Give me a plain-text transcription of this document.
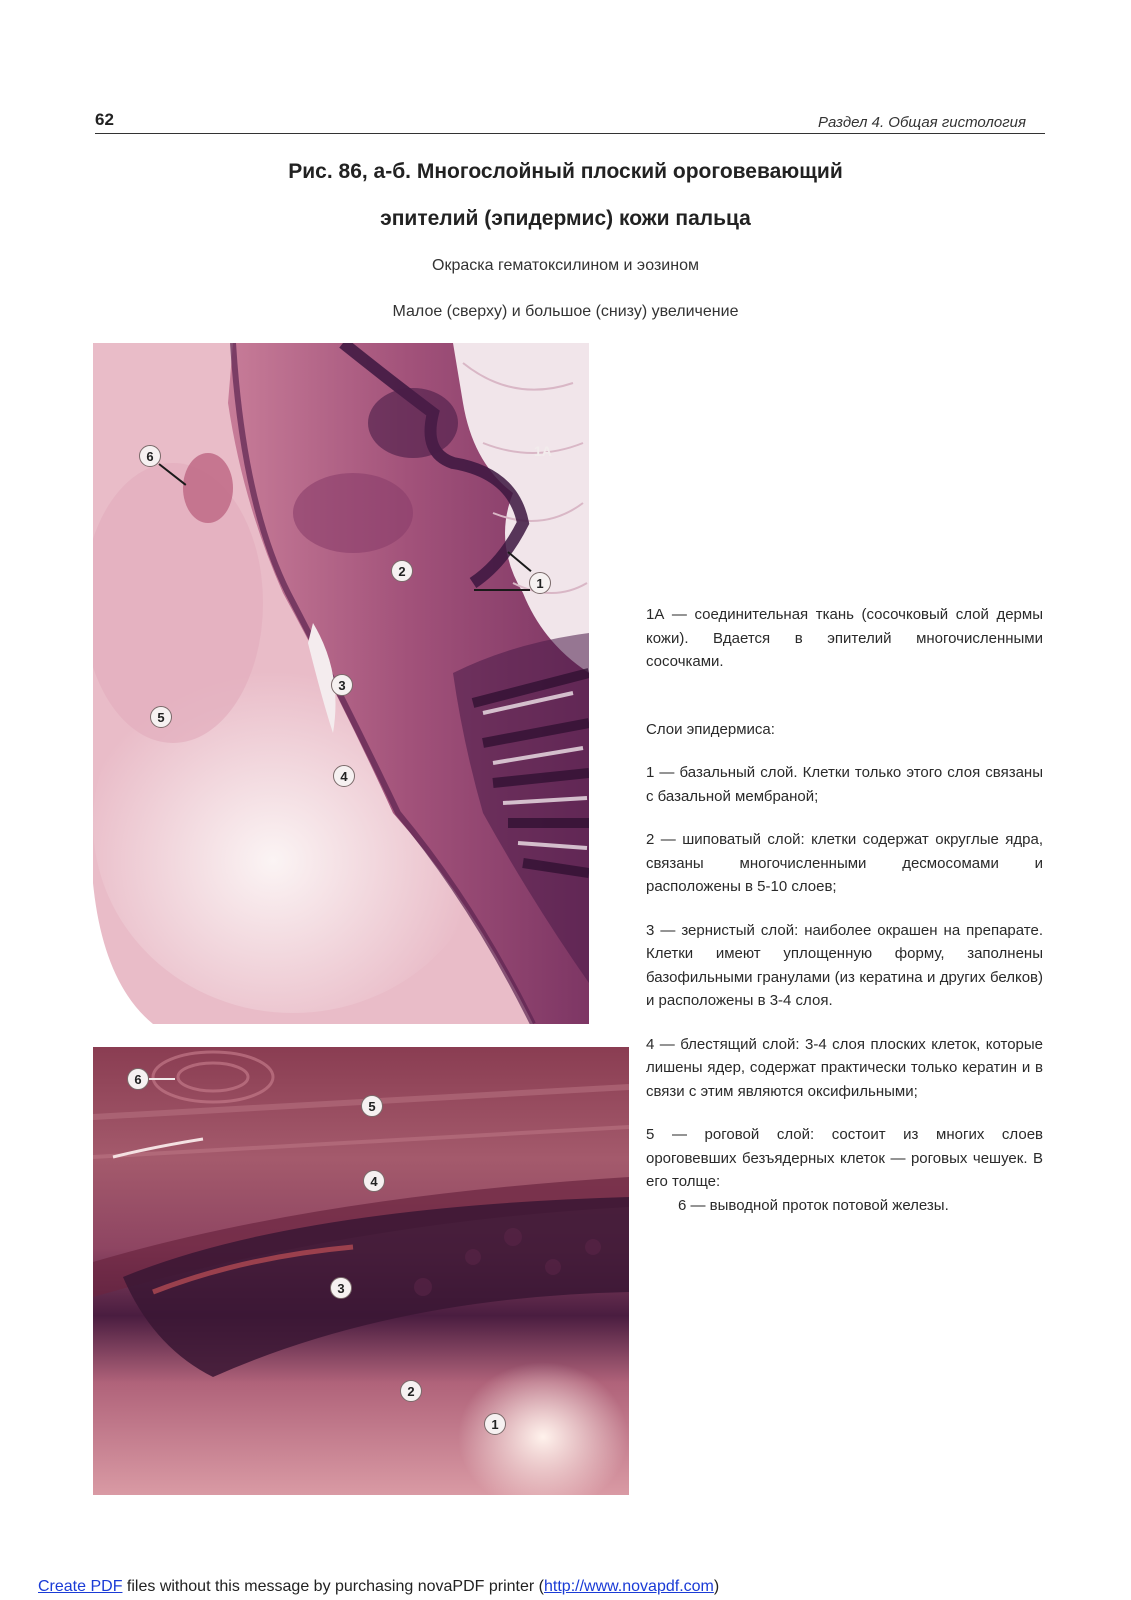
62	Раздел 4. Общая гистология
Рис. 86, а-б. Многослойный плоский ороговевающий
эпителий (эпидермис) кожи пальца
Окраска гематоксилином и эозином
Малое (сверху) и большое (снизу) увеличение
6	1А
2
1
3
5
4
6
5
4
3
2
1

1А — соединительная ткань (сосочковый слой дермы кожи). Вдается в эпителий многочисленными сосочками.

Слои эпидермиса:

1 — базальный слой. Клетки только этого слоя связаны с базальной мембраной;

2 — шиповатый слой: клетки содержат округлые ядра, связаны многочисленными десмосомами и расположены в 5-10 слоев;

3 — зернистый слой: наиболее окрашен на препарате. Клетки имеют уплощенную форму, заполнены базофильными гранулами (из кератина и других белков) и расположены в 3-4 слоя.

4 — блестящий слой: 3-4 слоя плоских клеток, которые лишены ядер, содержат практически только кератин и в связи с этим являются оксифильными;

5 — роговой слой: состоит из многих слоев ороговевших безъядерных клеток — роговых чешуек. В его толще:

6 — выводной проток потовой железы.

Create PDF files without this message by purchasing novaPDF printer (http://www.novapdf.com)
